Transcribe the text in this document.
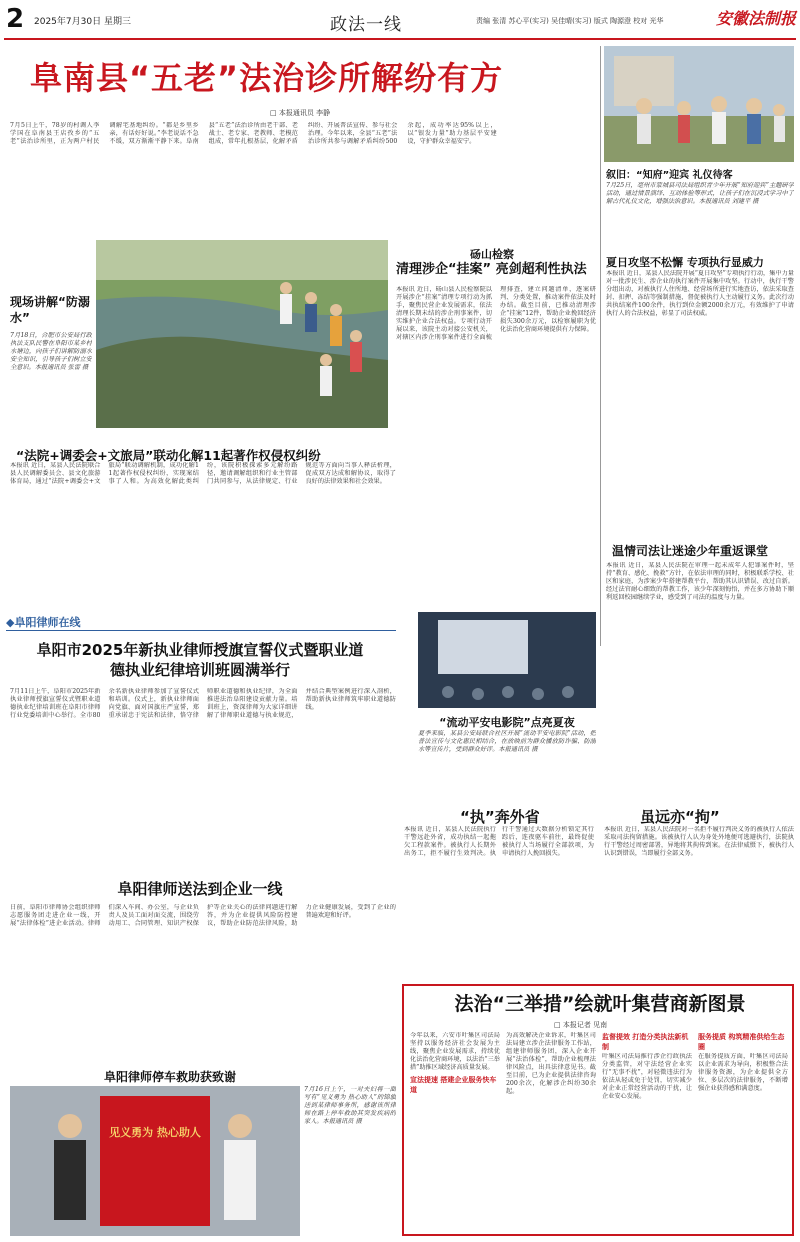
2 2025年7月30日 星期三	政法一线	责编 张清 苏心平(实习) 吴佳晴(实习) 版式 陶源澄 校对 光华	安徽法制报
阜南县“五老”法治诊所解纷有方
□ 本报通讯员 李静
7月5日上午，78岁的村调人李学国在阜南县王店孜乡的“五老”法治诊所里，正为两户村民调解宅基地纠纷。“都是乡里乡亲，有话好好说。”李老说话不急不缓，双方渐渐平静下来。阜南县“五老”法治诊所由老干部、老战士、老专家、老教师、老模范组成，常年扎根基层，化解矛盾纠纷、开展普法宣传、参与社会治理。今年以来，全县“五老”法治诊所共参与调解矛盾纠纷500余起，成功率达95%以上，以“银发力量”助力基层平安建设，守护群众幸福安宁。
叙旧：“知府”迎宾 礼仪待客
7月25日，亳州市蒙城县司法局组织青少年开展“知府迎宾”主题研学活动，通过情景演绎、互动体验等形式，让孩子们在沉浸式学习中了解古代礼仪文化，增强法治意识。本报通讯员 刘建平 摄
现场讲解“防溺水”
7月18日，合肥市公安局行政执法支队民警在阜阳市某乡村水塘边，向孩子们讲解防溺水安全知识，引导孩子们树立安全意识。本报通讯员 张雷 摄
砀山检察
清理涉企“挂案” 亮剑超利性执法
本报讯 近日，砀山县人民检察院以开展涉企“挂案”清理专项行动为抓手，聚焦民营企业发展需求，依法清理长期未结的涉企刑事案件，切实维护企业合法权益。专项行动开展以来，该院主动对接公安机关，对辖区内涉企刑事案件进行全面梳理排查，建立问题清单，逐案研判、分类处置，推动案件依法及时办结。截至目前，已推动清理涉企“挂案”12件，帮助企业挽回经济损失300余万元，以检察履职为优化法治化营商环境提供有力保障。
夏日攻坚不松懈 专项执行显威力
本报讯 近日，某县人民法院开展“夏日攻坚”专项执行行动，集中力量对一批涉民生、涉企业的执行案件开展集中攻坚。行动中，执行干警分组出动，对被执行人住所地、经营场所进行实地查访，依法采取查封、扣押、冻结等强制措施，督促被执行人主动履行义务。此次行动共执结案件100余件，执行到位金额2000余万元，有效维护了申请执行人的合法权益，彰显了司法权威。
“法院+调委会+文旅局”联动化解11起著作权侵权纠纷
本报讯 近日，某县人民法院联合县人民调解委员会、县文化旅游体育局，通过“法院+调委会+文旅局”联动调解机制，成功化解11起著作权侵权纠纷，实现案结事了人和。为高效化解此类纠纷，该院积极探索多元解纷路径，邀请调解组织和行业主管部门共同参与，从法律规定、行业规范等方面向当事人释法析理，促成双方达成和解协议，取得了良好的法律效果和社会效果。
温情司法让迷途少年重返课堂
本报讯 近日，某县人民法院在审理一起未成年人犯罪案件时，坚持“教育、感化、挽救”方针，在依法审理的同时，积极联系学校、社区和家庭，为涉案少年搭建帮教平台，帮助其认识错误、改过自新。经过法官耐心细致的帮教工作，该少年深刻悔悟，并在多方协助下顺利返回校园继续学业，感受到了司法的温度与力量。
◆阜阳律师在线
阜阳市2025年新执业律师授旗宣誓仪式暨职业道德执业纪律培训班圆满举行
7月11日上午，阜阳市2025年新执业律师授旗宣誓仪式暨职业道德执业纪律培训班在阜阳市律师行业党委培训中心举行。全市80余名新执业律师参加了宣誓仪式和培训。仪式上，新执业律师面向党旗、面对国旗庄严宣誓，郑重承诺忠于宪法和法律，恪守律师职业道德和执业纪律，为全面推进法治阜阳建设贡献力量。培训班上，资深律师为大家详细讲解了律师职业道德与执业规范，并结合典型案例进行深入剖析，帮助新执业律师筑牢职业道德防线。
“流动平安电影院”点亮夏夜
夏季来临，某县公安局联合社区开展“流动平安电影院”活动，把普法宣传与文化惠民相结合，在放映前为群众播放防诈骗、防溺水等宣传片，受到群众好评。本报通讯员 摄
“执”奔外省
本报讯 近日，某县人民法院执行干警远赴外省，成功执结一起拖欠工程款案件。被执行人长期外出务工，拒不履行生效判决。执行干警通过大数据分析锁定其行踪后，连夜驱车前往，最终促使被执行人当场履行全部款项，为申请执行人挽回损失。
虽远亦“拘”
本报讯 近日，某县人民法院对一名拒不履行判决义务的被执行人依法采取司法拘留措施。该被执行人认为身处外地便可逃避执行，法院执行干警经过周密部署，异地将其拘传到案。在法律威慑下，被执行人认识到错误，当即履行全部义务。
阜阳律师送法到企业一线
日前，阜阳市律师协会组织律师志愿服务团走进企业一线，开展“法律体检”进企业活动。律师们深入车间、办公室，与企业负责人及员工面对面交流，围绕劳动用工、合同管理、知识产权保护等企业关心的法律问题进行解答，并为企业提供风险防控建议，帮助企业防范法律风险，助力企业健康发展，受到了企业的普遍欢迎和好评。
阜阳律师停车救助获致谢
见义勇为 热心助人
7月16日上午，一对夫妇将一面写有“见义勇为 热心助人”的锦旗送到某律师事务所，感谢该所律师在路上停车救助其突发疾病的家人。本报通讯员 摄
法治“三举措”绘就叶集营商新图景
□ 本报记者 见南
今年以来，六安市叶集区司法局坚持以服务经济社会发展为主线，聚焦企业发展需求，持续优化法治化营商环境，以法治“三举措”助推区域经济高质量发展。
宣法提速 搭建企业服务快车道
为高效解决企业诉求，叶集区司法局建立涉企法律服务工作站，组建律师服务团，深入企业开展“法治体检”，帮助企业梳理法律风险点，出具法律意见书。截至目前，已为企业提供法律咨询200余次，化解涉企纠纷30余起。
监督提效 打造分类执法新机制
叶集区司法局推行涉企行政执法分类监管，对守法经营企业实行“无事不扰”，对轻微违法行为依法从轻或免于处罚，切实减少对企业正常经营活动的干扰，让企业安心发展。
服务提质 构筑精准供给生态圈
在服务提质方面，叶集区司法局以企业需求为导向，积极整合法律服务资源，为企业提供全方位、多层次的法律服务，不断增强企业获得感和满意度。
